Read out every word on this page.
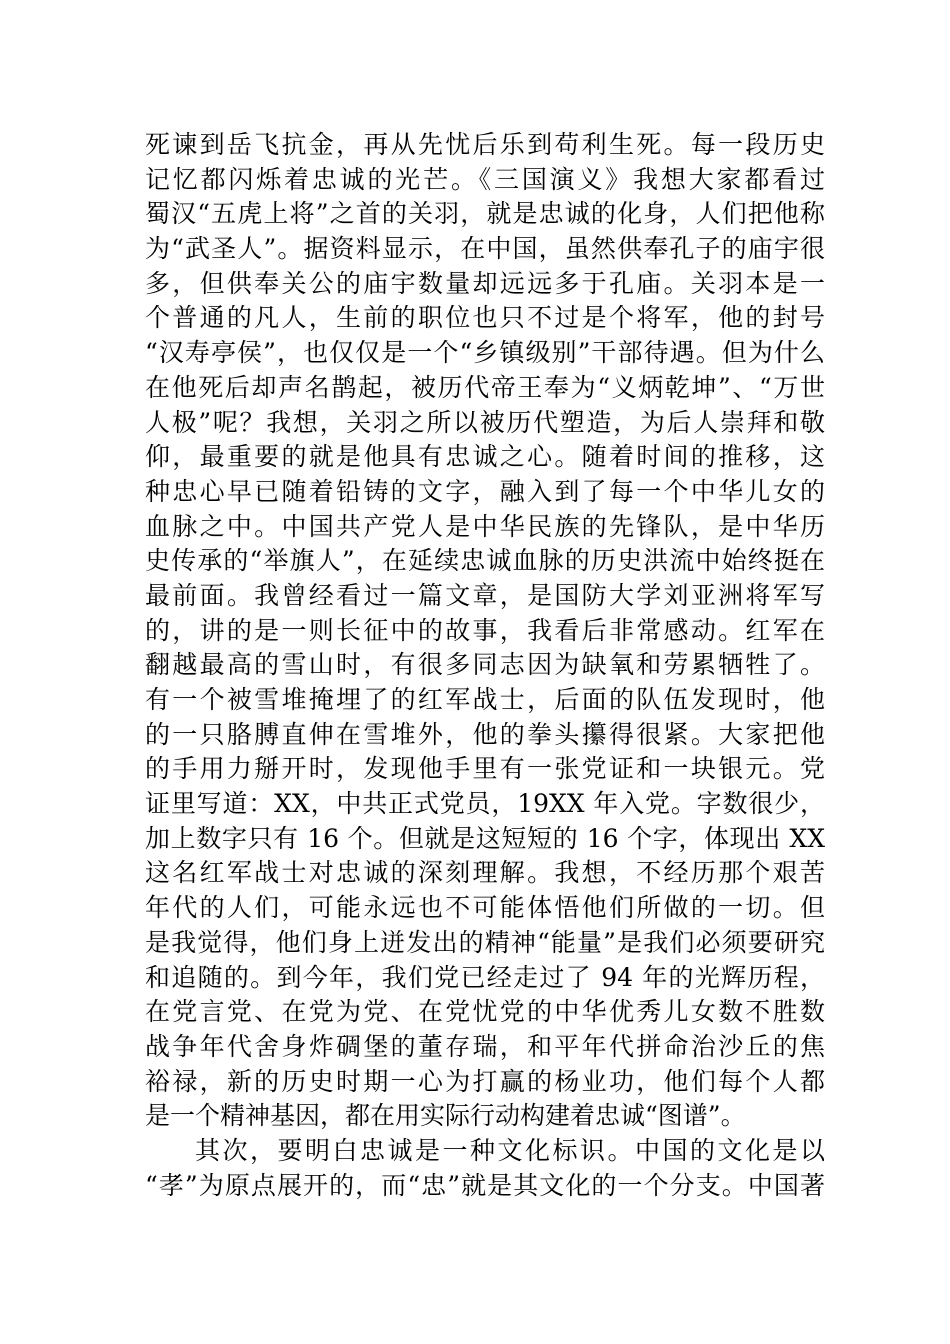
死谏到岳飞抗金，再从先忧后乐到苟利生死。每一段历史
记忆都闪烁着忠诚的光芒。《三国演义》我想大家都看过
蜀汉“五虎上将”之首的关羽，就是忠诚的化身，人们把他称
为“武圣人”。据资料显示，在中国，虽然供奉孔子的庙宇很
多，但供奉关公的庙宇数量却远远多于孔庙。关羽本是一
个普通的凡人，生前的职位也只不过是个将军，他的封号
“汉寿亭侯”，也仅仅是一个“乡镇级别”干部待遇。但为什么
在他死后却声名鹊起，被历代帝王奉为“义炳乾坤”、“万世
人极”呢？我想，关羽之所以被历代塑造，为后人崇拜和敬
仰，最重要的就是他具有忠诚之心。随着时间的推移，这
种忠心早已随着铅铸的文字，融入到了每一个中华儿女的
血脉之中。中国共产党人是中华民族的先锋队，是中华历
史传承的“举旗人”，在延续忠诚血脉的历史洪流中始终挺在
最前面。我曾经看过一篇文章，是国防大学刘亚洲将军写
的，讲的是一则长征中的故事，我看后非常感动。红军在
翻越最高的雪山时，有很多同志因为缺氧和劳累牺牲了。
有一个被雪堆掩埋了的红军战士，后面的队伍发现时，他
的一只胳膊直伸在雪堆外，他的拳头攥得很紧。大家把他
的手用力掰开时，发现他手里有一张党证和一块银元。党
证里写道：XX，中共正式党员，19XX 年入党。字数很少，
加上数字只有 16 个。但就是这短短的 16 个字，体现出 XX
这名红军战士对忠诚的深刻理解。我想，不经历那个艰苦
年代的人们，可能永远也不可能体悟他们所做的一切。但
是我觉得，他们身上迸发出的精神“能量”是我们必须要研究
和追随的。到今年，我们党已经走过了 94 年的光辉历程，
在党言党、在党为党、在党忧党的中华优秀儿女数不胜数
战争年代舍身炸碉堡的董存瑞，和平年代拼命治沙丘的焦
裕禄，新的历史时期一心为打赢的杨业功，他们每个人都
是一个精神基因，都在用实际行动构建着忠诚“图谱”。
其次，要明白忠诚是一种文化标识。中国的文化是以
“孝”为原点展开的，而“忠”就是其文化的一个分支。中国著
